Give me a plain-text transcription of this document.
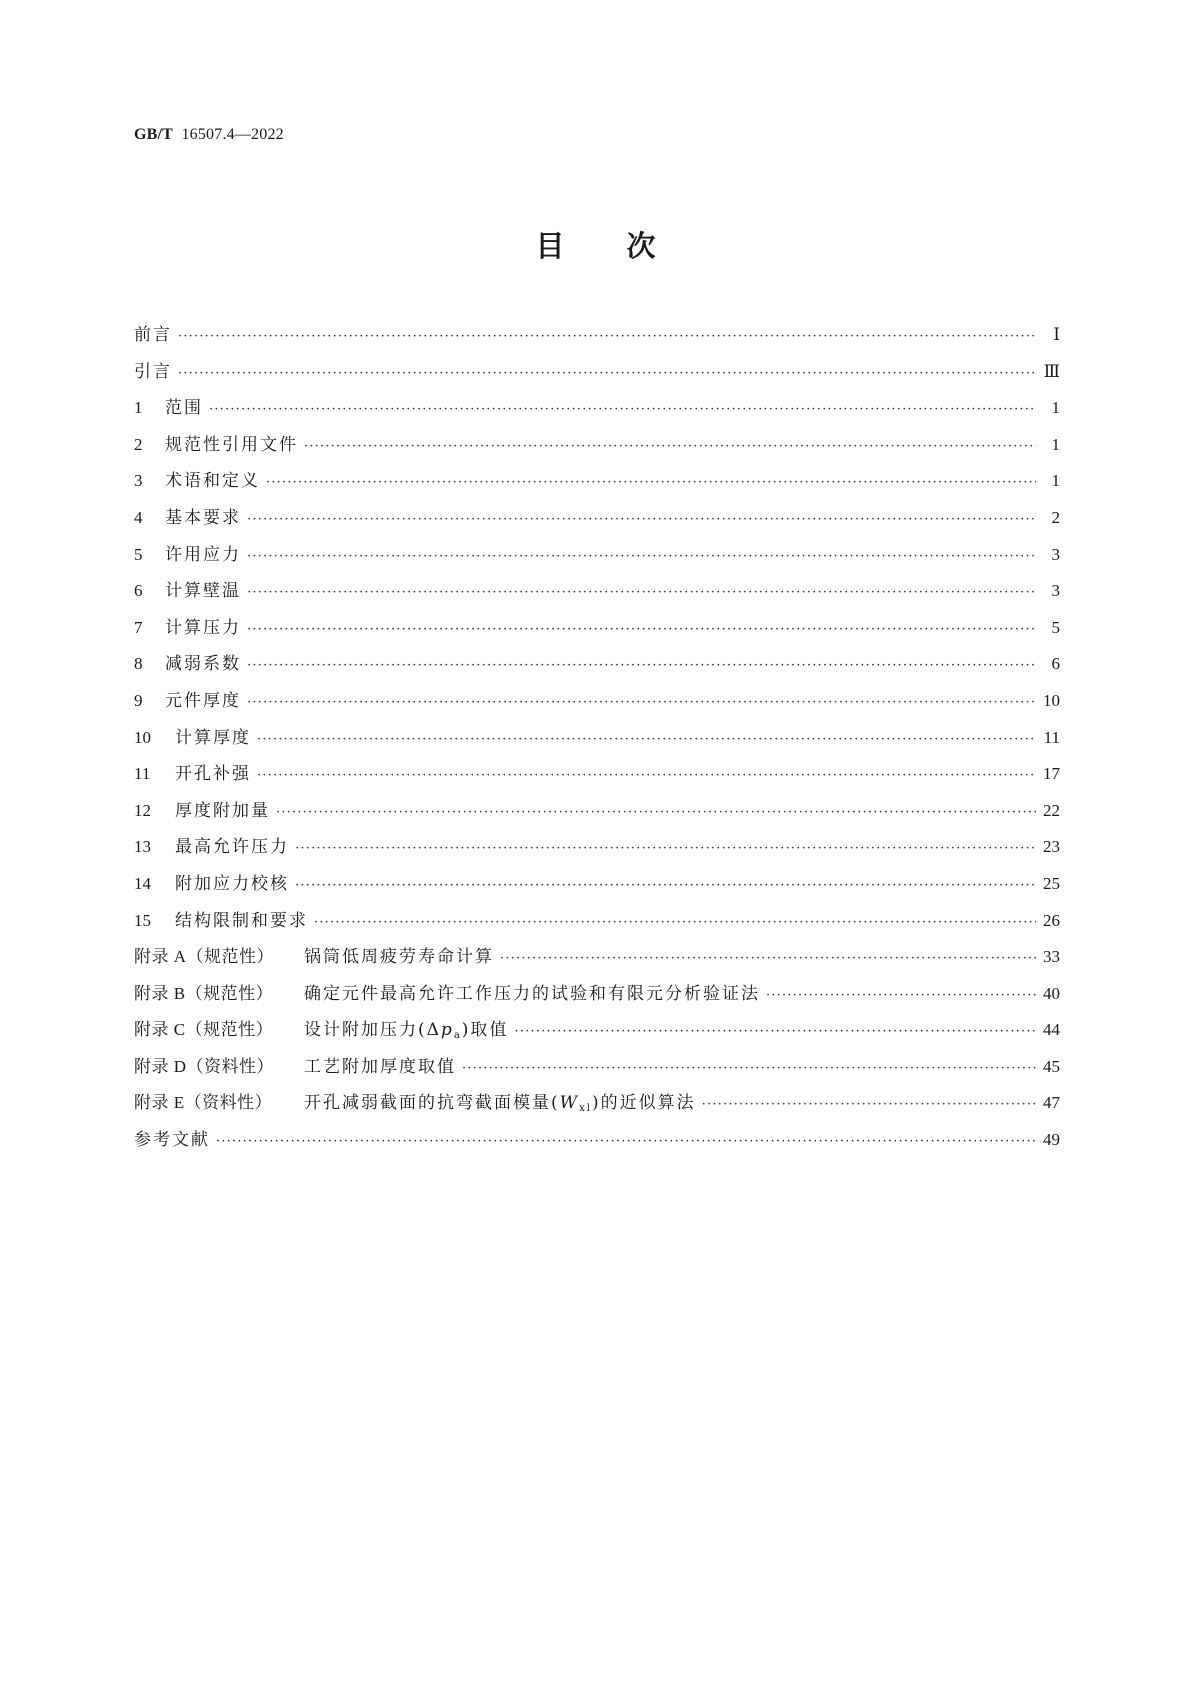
GB/T 16507.4—2022
目次
前言 ·····	Ⅰ
引言 ·····	Ⅲ
1	范围 ·····	1
2	规范性引用文件 ·····	1
3	术语和定义 ·····	1
4	基本要求 ·····	2
5	许用应力 ·····	3
6	计算壁温 ·····	3
7	计算压力 ·····	5
8	减弱系数 ·····	6
9	元件厚度 ·····	10
10	计算厚度 ·····	11
11	开孔补强 ·····	17
12	厚度附加量 ·····	22
13	最高允许压力 ·····	23
14	附加应力校核 ·····	25
15	结构限制和要求 ·····	26
附录 A（规范性）	锅筒低周疲劳寿命计算 ·····	33
附录 B（规范性）	确定元件最高允许工作压力的试验和有限元分析验证法 ·····	40
附录 C（规范性）	设计附加压力$(\Delta p_a)$取值 ·····	44
附录 D（资料性）	工艺附加厚度取值 ·····	45
附录 E（资料性）	开孔减弱截面的抗弯截面模量$(W_{xl})$的近似算法 ·····	47
参考文献 ·····	49
